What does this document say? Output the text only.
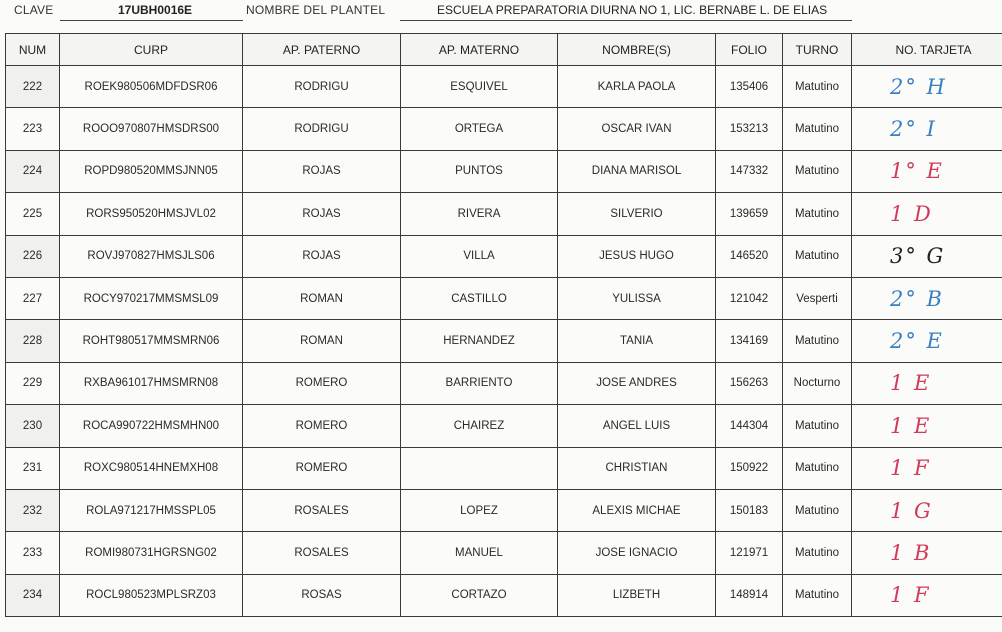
CLAVE	17UBH0016E	NOMBRE DEL PLANTEL	ESCUELA PREPARATORIA DIURNA NO 1, LIC. BERNABE L. DE ELIAS
NUM	CURP	AP. PATERNO	AP. MATERNO	NOMBRE(S)	FOLIO	TURNO	NO. TARJETA
222	ROEK980506MDFDSR06	RODRIGU	ESQUIVEL	KARLA PAOLA	135406	Matutino	2° H
223	ROOO970807HMSDRS00	RODRIGU	ORTEGA	OSCAR IVAN	153213	Matutino	2° I
224	ROPD980520MMSJNN05	ROJAS	PUNTOS	DIANA MARISOL	147332	Matutino	1° E
225	RORS950520HMSJVL02	ROJAS	RIVERA	SILVERIO	139659	Matutino	1 D
226	ROVJ970827HMSJLS06	ROJAS	VILLA	JESUS HUGO	146520	Matutino	3° G
227	ROCY970217MMSMSL09	ROMAN	CASTILLO	YULISSA	121042	Vesperti	2° B
228	ROHT980517MMSMRN06	ROMAN	HERNANDEZ	TANIA	134169	Matutino	2° E
229	RXBA961017HMSMRN08	ROMERO	BARRIENTO	JOSE ANDRES	156263	Nocturno	1 E
230	ROCA990722HMSMHN00	ROMERO	CHAIREZ	ANGEL LUIS	144304	Matutino	1 E
231	ROXC980514HNEMXH08	ROMERO		CHRISTIAN	150922	Matutino	1 F
232	ROLA971217HMSSPL05	ROSALES	LOPEZ	ALEXIS MICHAE	150183	Matutino	1 G
233	ROMI980731HGRSNG02	ROSALES	MANUEL	JOSE IGNACIO	121971	Matutino	1 B
234	ROCL980523MPLSRZ03	ROSAS	CORTAZO	LIZBETH	148914	Matutino	1 F
